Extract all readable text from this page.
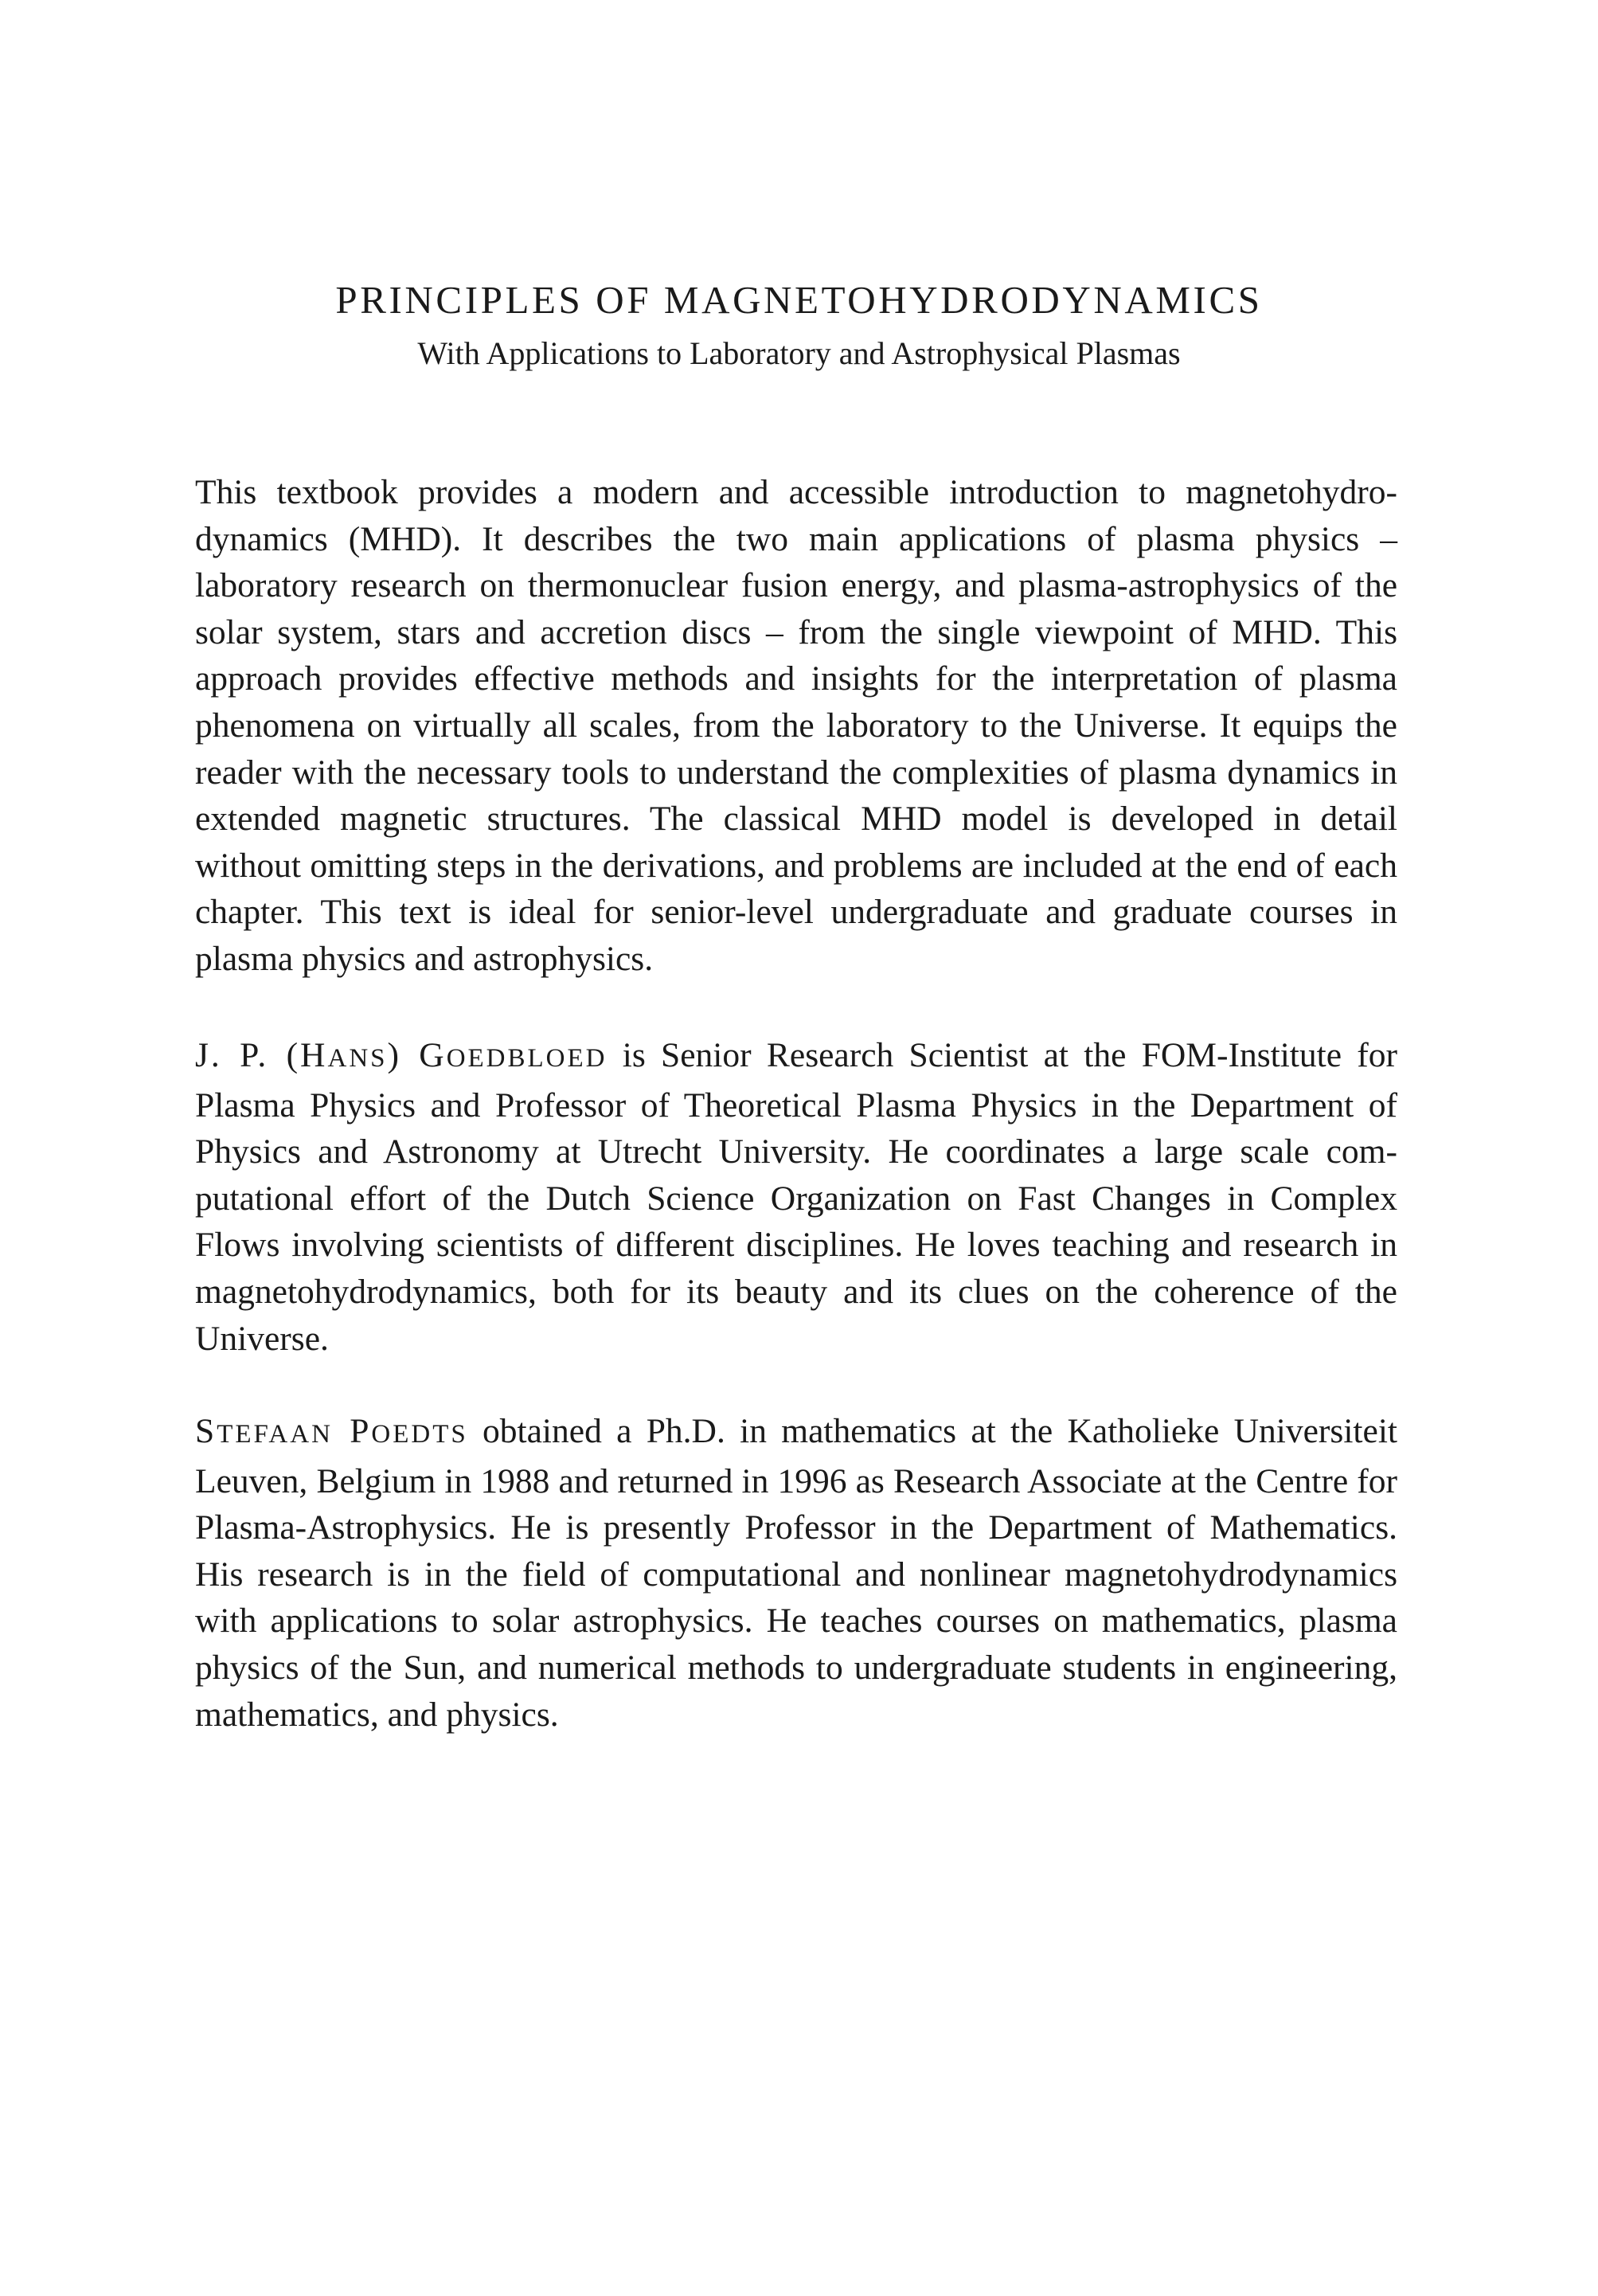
PRINCIPLES OF MAGNETOHYDRODYNAMICS
With Applications to Laboratory and Astrophysical Plasmas

This textbook provides a modern and accessible introduction to magnetohydrodynamics (MHD). It describes the two main applications of plasma physics – laboratory research on thermonuclear fusion energy, and plasma-astrophysics of the solar system, stars and accretion discs – from the single viewpoint of MHD. This approach provides effective methods and insights for the interpretation of plasma phenomena on virtually all scales, from the laboratory to the Universe. It equips the reader with the necessary tools to understand the complexities of plasma dynamics in extended magnetic structures. The classical MHD model is developed in detail without omitting steps in the derivations, and problems are included at the end of each chapter. This text is ideal for senior-level undergraduate and graduate courses in plasma physics and astrophysics.

J. P. (HANS) GOEDBLOED is Senior Research Scientist at the FOM-Institute for Plasma Physics and Professor of Theoretical Plasma Physics in the Department of Physics and Astronomy at Utrecht University. He coordinates a large scale computational effort of the Dutch Science Organization on Fast Changes in Complex Flows involving scientists of different disciplines. He loves teaching and research in magnetohydrodynamics, both for its beauty and its clues on the coherence of the Universe.

STEFAAN POEDTS obtained a Ph.D. in mathematics at the Katholieke Universiteit Leuven, Belgium in 1988 and returned in 1996 as Research Associate at the Centre for Plasma-Astrophysics. He is presently Professor in the Department of Mathematics. His research is in the field of computational and nonlinear magnetohydrodynamics with applications to solar astrophysics. He teaches courses on mathematics, plasma physics of the Sun, and numerical methods to undergraduate students in engineering, mathematics, and physics.
